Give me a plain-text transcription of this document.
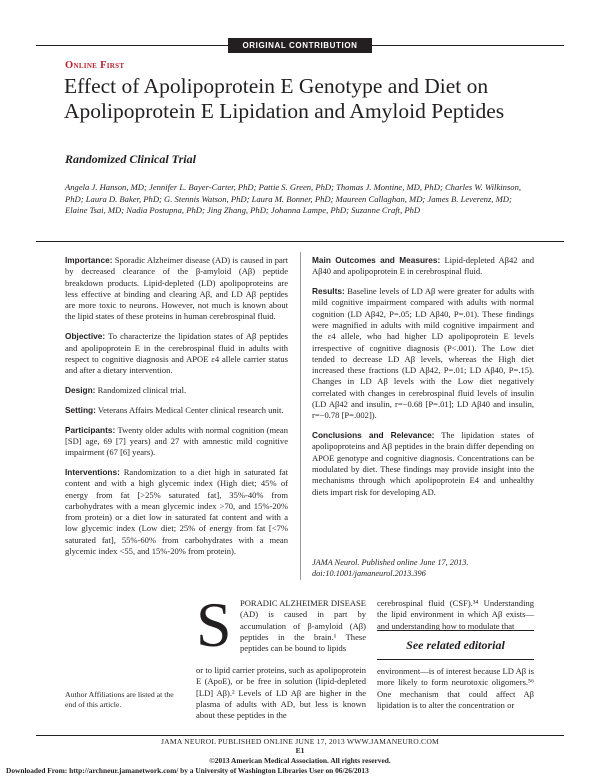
ORIGINAL CONTRIBUTION
Online First
Effect of Apolipoprotein E Genotype and Diet on Apolipoprotein E Lipidation and Amyloid Peptides
Randomized Clinical Trial
Angela J. Hanson, MD; Jennifer L. Bayer-Carter, PhD; Pattie S. Green, PhD; Thomas J. Montine, MD, PhD; Charles W. Wilkinson, PhD; Laura D. Baker, PhD; G. Stennis Watson, PhD; Laura M. Bonner, PhD; Maureen Callaghan, MD; James B. Leverenz, MD; Elaine Tsai, MD; Nadia Postupna, PhD; Jing Zhang, PhD; Johanna Lampe, PhD; Suzanne Craft, PhD

Importance: Sporadic Alzheimer disease (AD) is caused in part by decreased clearance of the β-amyloid (Aβ) peptide breakdown products. Lipid-depleted (LD) apolipoproteins are less effective at binding and clearing Aβ, and LD Aβ peptides are more toxic to neurons. However, not much is known about the lipid states of these proteins in human cerebrospinal fluid.

Objective: To characterize the lipidation states of Aβ peptides and apolipoprotein E in the cerebrospinal fluid in adults with respect to cognitive diagnosis and APOE ε4 allele carrier status and after a dietary intervention.

Design: Randomized clinical trial.

Setting: Veterans Affairs Medical Center clinical research unit.

Participants: Twenty older adults with normal cognition (mean [SD] age, 69 [7] years) and 27 with amnestic mild cognitive impairment (67 [6] years).

Interventions: Randomization to a diet high in saturated fat content and with a high glycemic index (High diet; 45% of energy from fat [>25% saturated fat], 35%-40% from carbohydrates with a mean glycemic index >70, and 15%-20% from protein) or a diet low in saturated fat content and with a low glycemic index (Low diet; 25% of energy from fat [<7% saturated fat], 55%-60% from carbohydrates with a mean glycemic index <55, and 15%-20% from protein).

Main Outcomes and Measures: Lipid-depleted Aβ42 and Aβ40 and apolipoprotein E in cerebrospinal fluid.

Results: Baseline levels of LD Aβ were greater for adults with mild cognitive impairment compared with adults with normal cognition (LD Aβ42, P=.05; LD Aβ40, P=.01). These findings were magnified in adults with mild cognitive impairment and the ε4 allele, who had higher LD apolipoprotein E levels irrespective of cognitive diagnosis (P<.001). The Low diet tended to decrease LD Aβ levels, whereas the High diet increased these fractions (LD Aβ42, P=.01; LD Aβ40, P=.15). Changes in LD Aβ levels with the Low diet negatively correlated with changes in cerebrospinal fluid levels of insulin (LD Aβ42 and insulin, r=−0.68 [P=.01]; LD Aβ40 and insulin, r=−0.78 [P=.002]).

Conclusions and Relevance: The lipidation states of apolipoproteins and Aβ peptides in the brain differ depending on APOE genotype and cognitive diagnosis. Concentrations can be modulated by diet. These findings may provide insight into the mechanisms through which apolipoprotein E4 and unhealthy diets impart risk for developing AD.

JAMA Neurol. Published online June 17, 2013.
doi:10.1001/jamaneurol.2013.396
S PORADIC ALZHEIMER DISEASE (AD) is caused in part by accumulation of β-amyloid (Aβ) peptides in the brain.¹ These peptides can be bound to lipids
or to lipid carrier proteins, such as apolipoprotein E (ApoE), or be free in solution (lipid-depleted [LD] Aβ).² Levels of LD Aβ are higher in the plasma of adults with AD, but less is known about these peptides in the
cerebrospinal fluid (CSF).³⁴ Understanding the lipid environment in which Aβ exists—and understanding how to modulate that
See related editorial
environment—is of interest because LD Aβ is more likely to form neurotoxic oligomers.⁵⁶ One mechanism that could affect Aβ lipidation is to alter the concentration or
Author Affiliations are listed at the end of this article.
JAMA NEUROL PUBLISHED ONLINE JUNE 17, 2013 WWW.JAMANEURO.COM
E1
©2013 American Medical Association. All rights reserved.
Downloaded From: http://archneur.jamanetwork.com/ by a University of Washington Libraries User on 06/26/2013
